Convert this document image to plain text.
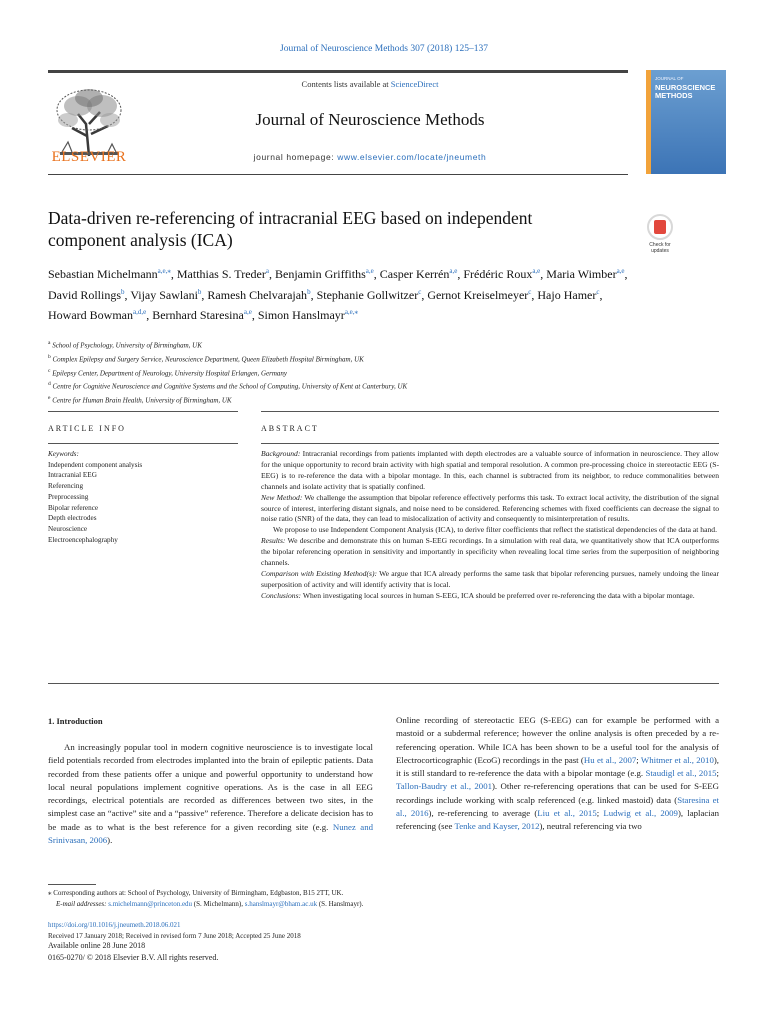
Journal of Neuroscience Methods 307 (2018) 125–137
ELSEVIER
Contents lists available at ScienceDirect
Journal of Neuroscience Methods
journal homepage: www.elsevier.com/locate/jneumeth
JOURNAL OF
NEUROSCIENCE METHODS
Data-driven re-referencing of intracranial EEG based on independent
component analysis (ICA)	Check for
updates
Sebastian Michelmann$^{a,e,⁎}$, Matthias S. Treder$^a$, Benjamin Griffiths$^{a,e}$, Casper Kerrén$^{a,e}$, Frédéric Roux$^{a,e}$, Maria Wimber$^{a,e}$, David Rollings$^b$, Vijay Sawlani$^b$, Ramesh Chelvarajah$^b$, Stephanie Gollwitzer$^c$, Gernot Kreiselmeyer$^c$, Hajo Hamer$^c$, Howard Bowman$^{a,d,e}$, Bernhard Staresina$^{a,e}$, Simon Hanslmayr$^{a,e,⁎}$
$^a$ School of Psychology, University of Birmingham, UK
$^b$ Complex Epilepsy and Surgery Service, Neuroscience Department, Queen Elizabeth Hospital Birmingham, UK
$^c$ Epilepsy Center, Department of Neurology, University Hospital Erlangen, Germany
$^d$ Centre for Cognitive Neuroscience and Cognitive Systems and the School of Computing, University of Kent at Canterbury, UK
$^e$ Centre for Human Brain Health, University of Birmingham, UK
ARTICLE INFO	ABSTRACT
Keywords:
Independent component analysis
Intracranial EEG
Referencing
Preprocessing
Bipolar reference
Depth electrodes
Neuroscience
Electroencephalography

Background: Intracranial recordings from patients implanted with depth electrodes are a valuable source of information in neuroscience. They allow for the unique opportunity to record brain activity with high spatial and temporal resolution. A common pre-processing choice in stereotactic EEG (S-EEG) is to re-reference the data with a bipolar montage. In this, each channel is subtracted from its neighbor, to reduce commonalities between channels and isolate activity that is spatially confined.

New Method: We challenge the assumption that bipolar reference effectively performs this task. To extract local activity, the distribution of the signal source of interest, interfering distant signals, and noise need to be considered. Referencing schemes with fixed coefficients can decrease the signal to noise ratio (SNR) of the data, they can lead to mislocalization of activity and consequently to misinterpretation of results.

We propose to use Independent Component Analysis (ICA), to derive filter coefficients that reflect the statistical dependencies of the data at hand.

Results: We describe and demonstrate this on human S-EEG recordings. In a simulation with real data, we quantitatively show that ICA outperforms the bipolar referencing operation in sensitivity and importantly in specificity when revealing local time series from the superposition of neighboring channels.

Comparison with Existing Method(s): We argue that ICA already performs the same task that bipolar referencing pursues, namely undoing the linear superposition of activity and will identify activity that is local.

Conclusions: When investigating local sources in human S-EEG, ICA should be preferred over re-referencing the data with a bipolar montage.

1. Introduction

An increasingly popular tool in modern cognitive neuroscience is to investigate local field potentials recorded from electrodes implanted into the brain of epileptic patients. Data recorded from these patients offer a unique and powerful opportunity to understand how local neural populations implement cognitive operations. As is the case in all EEG recordings, electrical potentials are recorded as differences between two sites, in the simplest case an “active” site and a “passive” reference. Therefore a delicate decision has to be made as to what is the best reference for a given recording site (e.g. Nunez and Srinivasan, 2006).

Online recording of stereotactic EEG (S-EEG) can for example be performed with a mastoid or a subdermal reference; however the online analysis is often preceded by a re-referencing operation. While ICA has been shown to be a useful tool for the analysis of Electrocorticographic (EcoG) recordings in the past (Hu et al., 2007; Whitmer et al., 2010), it is still standard to re-reference the data with a bipolar montage (e.g. Staudigl et al., 2015; Tallon-Baudry et al., 2001). Other re-referencing operations that can be used for S-EEG recordings include working with scalp referenced (e.g. linked mastoid) data (Staresina et al., 2016), re-referencing to average (Liu et al., 2015; Ludwig et al., 2009), laplacian referencing (see Tenke and Kayser, 2012), neutral referencing via two

⁎ Corresponding authors at: School of Psychology, University of Birmingham, Edgbaston, B15 2TT, UK.
E-mail addresses: s.michelmann@princeton.edu (S. Michelmann), s.hanslmayr@bham.ac.uk (S. Hanslmayr).
https://doi.org/10.1016/j.jneumeth.2018.06.021
Received 17 January 2018; Received in revised form 7 June 2018; Accepted 25 June 2018
Available online 28 June 2018
0165-0270/ © 2018 Elsevier B.V. All rights reserved.
